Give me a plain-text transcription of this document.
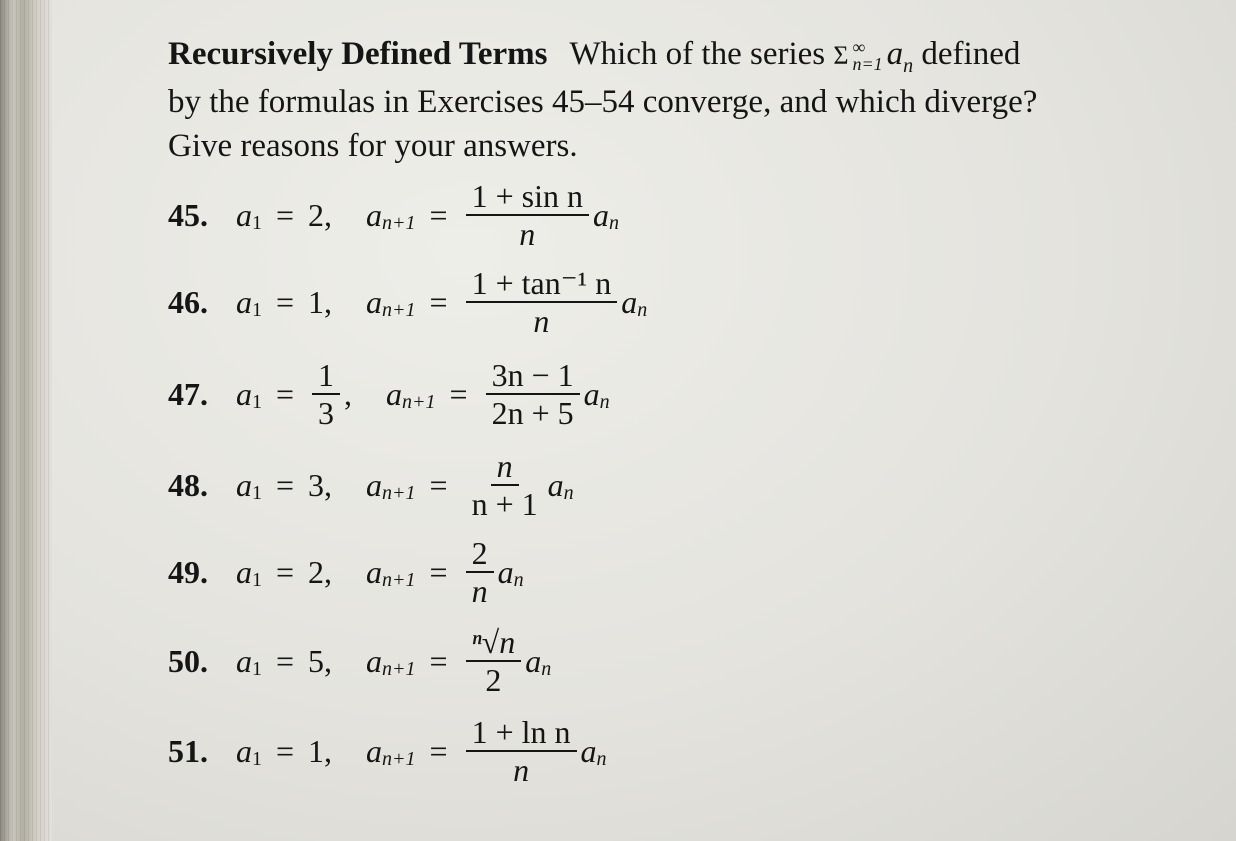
Recursively Defined Terms Which of the series Σ ∞
n=1 $a_n$ defined
by the formulas in Exercises 45–54 converge, and which diverge?
Give reasons for your answers.
45. a 1 = 2, a $n+1 = \frac{\text{1 + sin n}}{n}$ a n
46. a 1 = 1, a $n+1 = \frac{\text{1 + tan⁻¹ n}}{n}$ a n
47. a $1 = \frac{1}{3}$ , a $n+1 = \frac{3n - 1}{2n + 5}$ a n
48. a 1 = 3, a $n+1 = \frac{n}{n + 1}$ a n
49. a 1 = 2, a $n+1 = \frac{2}{n}$ a n
50. a 1 = 5, a $n+1 = \frac{\text{ⁿ√n}}{2}$ a n
51. a 1 = 1, a $n+1 = \frac{\text{1 + ln n}}{n}$ a n
